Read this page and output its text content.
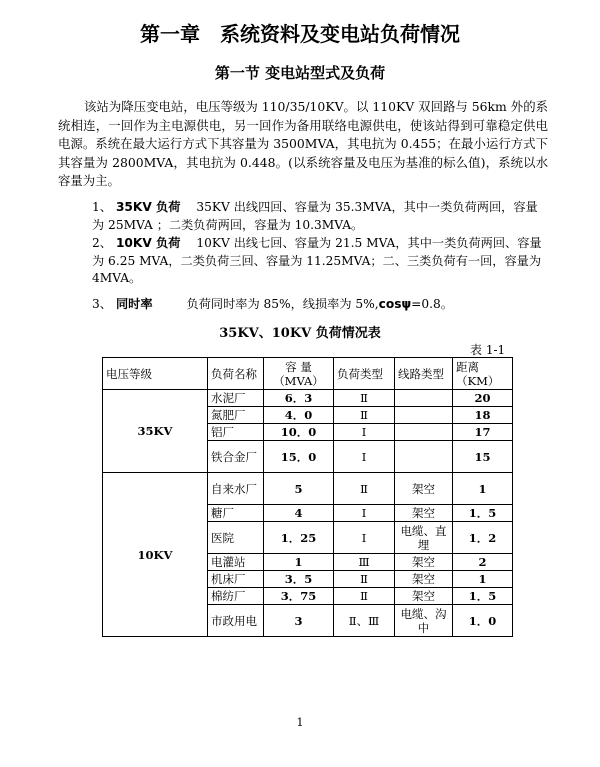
第一章　系统资料及变电站负荷情况
第一节 变电站型式及负荷

该站为降压变电站，电压等级为 110/35/10KV。以 110KV 双回路与 56km 外的系统相连，一回作为主电源供电，另一回作为备用联络电源供电，使该站得到可靠稳定供电电源。系统在最大运行方式下其容量为 3500MVA，其电抗为 0.455；在最小运行方式下其容量为 2800MVA，其电抗为 0.448。(以系统容量及电压为基准的标么值)，系统以水容量为主。

1、 35KV 负荷 35KV 出线四回、容量为 35.3MVA，其中一类负荷两回，容量为 25MVA ；二类负荷两回，容量为 10.3MVA。

2、 10KV 负荷 10KV 出线七回、容量为 21.5 MVA，其中一类负荷两回、容量为 6.25 MVA，二类负荷三回、容量为 11.25MVA；二、三类负荷有一回，容量为 4MVA。

3、 同时率	负荷同时率为 85%，线损率为 5%,cosψ=0.8。

35KV、10KV 负荷情况表
表 1-1
电压等级	负荷名称	容 量（MVA）	负荷类型	线路类型	距离（KM）
35KV	水泥厂	6．3	Ⅱ		20
	氮肥厂	4．0	Ⅱ		18
	铝厂	10．0	Ⅰ		17
	铁合金厂	15．0	Ⅰ		15
10KV	自来水厂	5	Ⅱ	架空	1
	糖厂	4	Ⅰ	架空	1．5
	医院	1．25	Ⅰ	电缆、直埋	1．2
	电灌站	1	Ⅲ	架空	2
	机床厂	3．5	Ⅱ	架空	1
	棉纺厂	3．75	Ⅱ	架空	1．5
	市政用电	3	Ⅱ、Ⅲ	电缆、沟中	1．0
1
